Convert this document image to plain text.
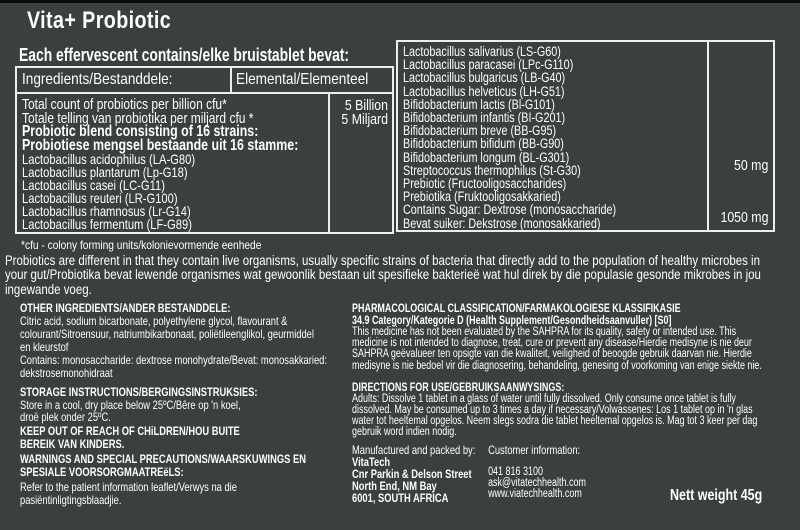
Vita+ Probiotic
Each effervescent contains/elke bruistablet bevat:
Ingredients/Bestanddele:	Elemental/Elementeel
Total count of probiotics per billion cfu*
Totale telling van probiotika per miljard cfu *
Probiotic blend consisting of 16 strains:
Probiotiese mengsel bestaande uit 16 stamme:
Lactobacillus acidophilus (LA-G80)
Lactobacillus plantarum (Lp-G18)
Lactobacillus casei (LC-G11)
Lactobacillus reuteri (LR-G100)
Lactobacillus rhamnosus (Lr-G14)
Lactobacillus fermentum (LF-G89)
5 Billion
5 Miljard
Lactobacillus salivarius (LS-G60)
Lactobacillus paracasei (LPc-G110)
Lactobacillus bulgaricus (LB-G40)
Lactobacillus helveticus (LH-G51)
Bifidobacterium lactis (Bl-G101)
Bifidobacterium infantis (BI-G201)
Bifidobacterium breve (BB-G95)
Bifidobacterium bifidum (BB-G90)
Bifidobacterium longum (BL-G301)
Streptococcus thermophilus (St-G30)
Prebiotic (Fructooligosaccharides)
Prebiotika (Fruktooligosakkaried)
Contains Sugar: Dextrose (monosaccharide)
Bevat suiker: Dekstrose (monosakkaried)
50 mg
1050 mg
*cfu - colony forming units/kolonievormende eenhede
Probiotics are different in that they contain live organisms, usually specific strains of bacteria that directly add to the population of healthy microbes in
your gut/Probiotika bevat lewende organismes wat gewoonlik bestaan uit spesifieke bakterieë wat hul direk by die populasie gesonde mikrobes in jou
ingewande voeg.
OTHER INGREDIENTS/ANDER BESTANDDELE:
Citric acid, sodium bicarbonate, polyethylene glycol, flavourant &
colourant/Sitroensuur, natriumbikarbonaat, poliëtileenglikol, geurmiddel
en kleurstof
Contains: monosaccharide: dextrose monohydrate/Bevat: monosakkaried:
dekstrosemonohidraat
STORAGE INSTRUCTIONS/BERGINGSINSTRUKSIES:
Store in a cool, dry place below 25ºC/Bêre op 'n koel,
droë plek onder 25ºC.
KEEP OUT OF REACH OF CHiLDREN/HOU BUITE
BEREIK VAN KINDERS.
WARNINGS AND SPECIAL PRECAUTIONS/WAARSKUWINGS EN
SPESIALE VOORSORGMAATREëLS:
Refer to the patient information leaflet/Verwys na die
pasiëntinligtingsblaadjie.
PHARMACOLOGICAL CLASSIFICATION/FARMAKOLOGIESE KLASSIFIKASIE
34.9 Category/Kategorie D (Health Supplement/Gesondheidsaanvuller) [S0]
This medicine has not been evaluated by the SAHPRA for its quality, safety or intended use. This
medicine is not intended to diagnose, treat, cure or prevent any disease/Hierdie medisyne is nie deur
SAHPRA geëvalueer ten opsigte van die kwaliteit, veiligheid of beoogde gebruik daarvan nie. Hierdie
medisyne is nie bedoel vir die diagnosering, behandeling, genesing of voorkoming van enige siekte nie.
DIRECTIONS FOR USE/GEBRUIKSAANWYSINGS:
Adults: Dissolve 1 tablet in a glass of water until fully dissolved. Only consume once tablet is fully
dissolved. May be consumed up to 3 times a day if necessary/Volwassenes: Los 1 tablet op in 'n glas
water tot heeltemal opgelos. Neem slegs sodra die tablet heeltemal opgelos is. Mag tot 3 keer per dag
gebruik word indien nodig.
Manufactured and packed by:
VitaTech
Cnr Parkin & Delson Street
North End, NM Bay
6001, SOUTH AFRICA

Customer information:
041 816 3100
ask@vitatechhealth.com
www.viatechhealth.com	Nett weight 45g
